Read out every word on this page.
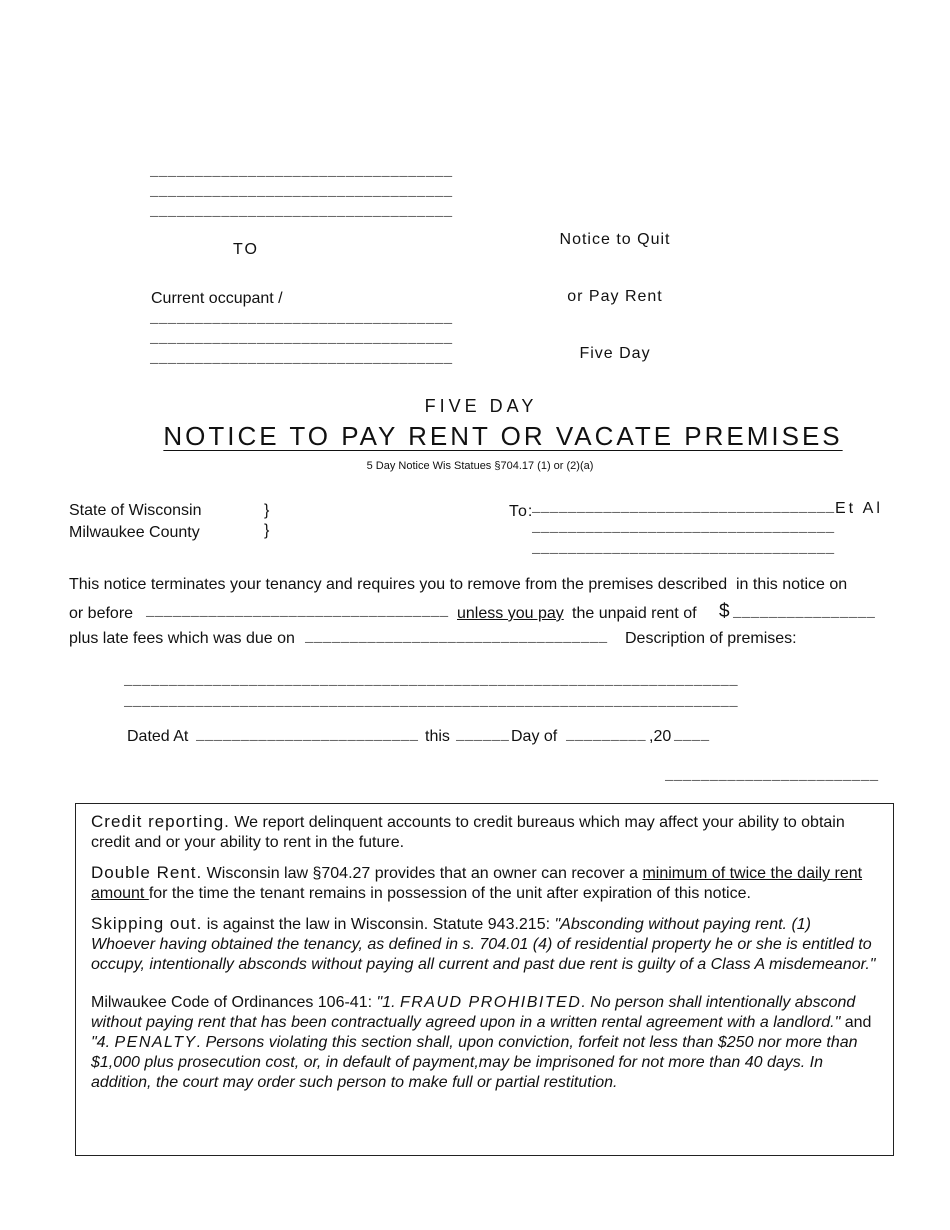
__________________________________
__________________________________
__________________________________
TO

Notice to Quit

or Pay Rent

Five Day

Current occupant /
__________________________________
__________________________________
__________________________________
FIVE DAY
NOTICE TO PAY RENT OR VACATE PREMISES
5 Day Notice Wis Statues §704.17 (1) or (2)(a)
State of Wisconsin	}
Milwaukee County	}
To:
__________________________________ Et Al
__________________________________
__________________________________
This notice terminates your tenancy and requires you to remove from the premises described  in this notice on
or before __________________________________ unless you pay the unpaid rent of $ ________________
plus late fees which was due on __________________________________ Description of premises:
_____________________________________________________________________
_____________________________________________________________________
Dated At _________________________ this ______ Day of _________ ,20 ____
________________________

Credit reporting. We report delinquent accounts to credit bureaus which may affect your ability to obtain credit and or your ability to rent in the future.

Double Rent. Wisconsin law §704.27 provides that an owner can recover a minimum of twice the daily rent amount for the time the tenant remains in possession of the unit after expiration of this notice.

Skipping out. is against the law in Wisconsin. Statute 943.215: "Absconding without paying rent. (1) Whoever having obtained the tenancy, as defined in s. 704.01 (4) of residential property he or she is entitled to occupy, intentionally absconds without paying all current and past due rent is guilty of a Class A misdemeanor."

Milwaukee Code of Ordinances 106-41: "1. FRAUD PROHIBITED. No person shall intentionally abscond without paying rent that has been contractually agreed upon in a written rental agreement with a landlord." and "4. PENALTY. Persons violating this section shall, upon conviction, forfeit not less than $250 nor more than $1,000 plus prosecution cost, or, in default of payment,may be imprisoned for not more than 40 days. In addition, the court may order such person to make full or partial restitution.
